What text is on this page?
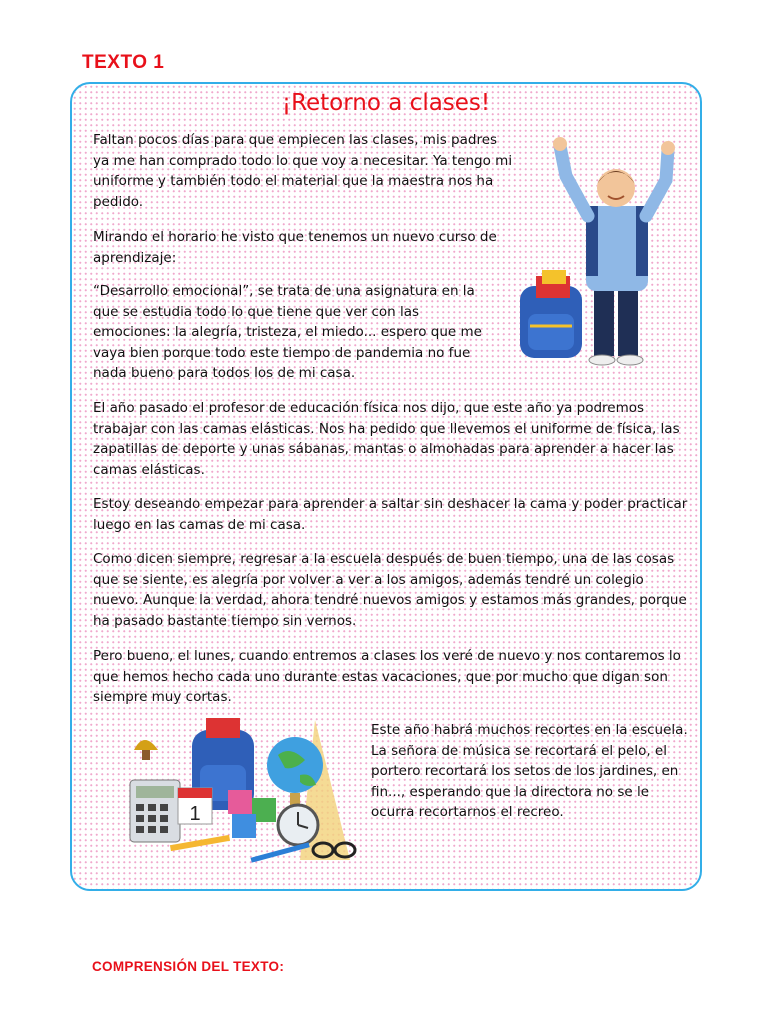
TEXTO 1
¡Retorno a clases!

Faltan pocos días para que empiecen las clases, mis padres ya me han comprado todo lo que voy a necesitar. Ya tengo mi uniforme y también todo el material que la maestra nos ha pedido.

Mirando el horario he visto que tenemos un nuevo curso de aprendizaje:

“Desarrollo emocional”, se trata de una asignatura en la que se estudia todo lo que tiene que ver con las emociones: la alegría, tristeza, el miedo... espero que me vaya bien porque todo este tiempo de pandemia no fue nada bueno para todos los de mi casa.

El año pasado el profesor de educación física nos dijo, que este año ya podremos trabajar con las camas elásticas. Nos ha pedido que llevemos el uniforme de física, las zapatillas de deporte y unas sábanas, mantas o almohadas para aprender a hacer las camas elásticas.

Estoy deseando empezar para aprender a saltar sin deshacer la cama y poder practicar luego en las camas de mi casa.

Como dicen siempre, regresar a la escuela después de buen tiempo, una de las cosas que se siente, es alegría por volver a ver a los amigos, además tendré un colegio nuevo. Aunque la verdad, ahora tendré nuevos amigos y estamos más grandes, porque ha pasado bastante tiempo sin vernos.

Pero bueno, el lunes, cuando entremos a clases los veré de nuevo y nos contaremos lo que hemos hecho cada uno durante estas vacaciones, que por mucho que digan son siempre muy cortas.

Este año habrá muchos recortes en la escuela. La señora de música se recortará el pelo, el portero recortará los setos de los jardines, en fin..., esperando que la directora no se le ocurra recortarnos el recreo.

1
COMPRENSIÓN DEL TEXTO:
